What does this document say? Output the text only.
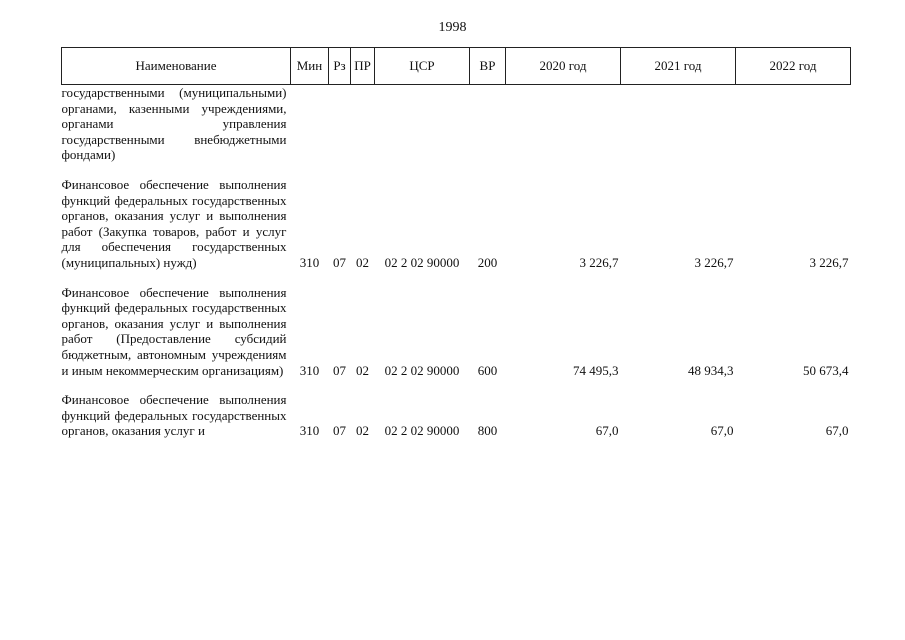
1998
Наименование	Мин	Рз	ПР	ЦСР	ВР	2020 год	2021 год	2022 год
государственными (муниципальными) органами, казенными учреждениями, органами управления государственными внебюджетными фондами)								
Финансовое обеспечение выполнения функций федеральных государственных органов, оказания услуг и выполнения работ (Закупка товаров, работ и услуг для обеспечения государственных (муниципальных) нужд)	310	07	02	02 2 02 90000	200	3 226,7	3 226,7	3 226,7
Финансовое обеспечение выполнения функций федеральных государственных органов, оказания услуг и выполнения работ (Предоставление субсидий бюджетным, автономным учреждениям и иным некоммерческим организациям)	310	07	02	02 2 02 90000	600	74 495,3	48 934,3	50 673,4
Финансовое обеспечение выполнения функций федеральных государственных органов, оказания услуг и	310	07	02	02 2 02 90000	800	67,0	67,0	67,0
